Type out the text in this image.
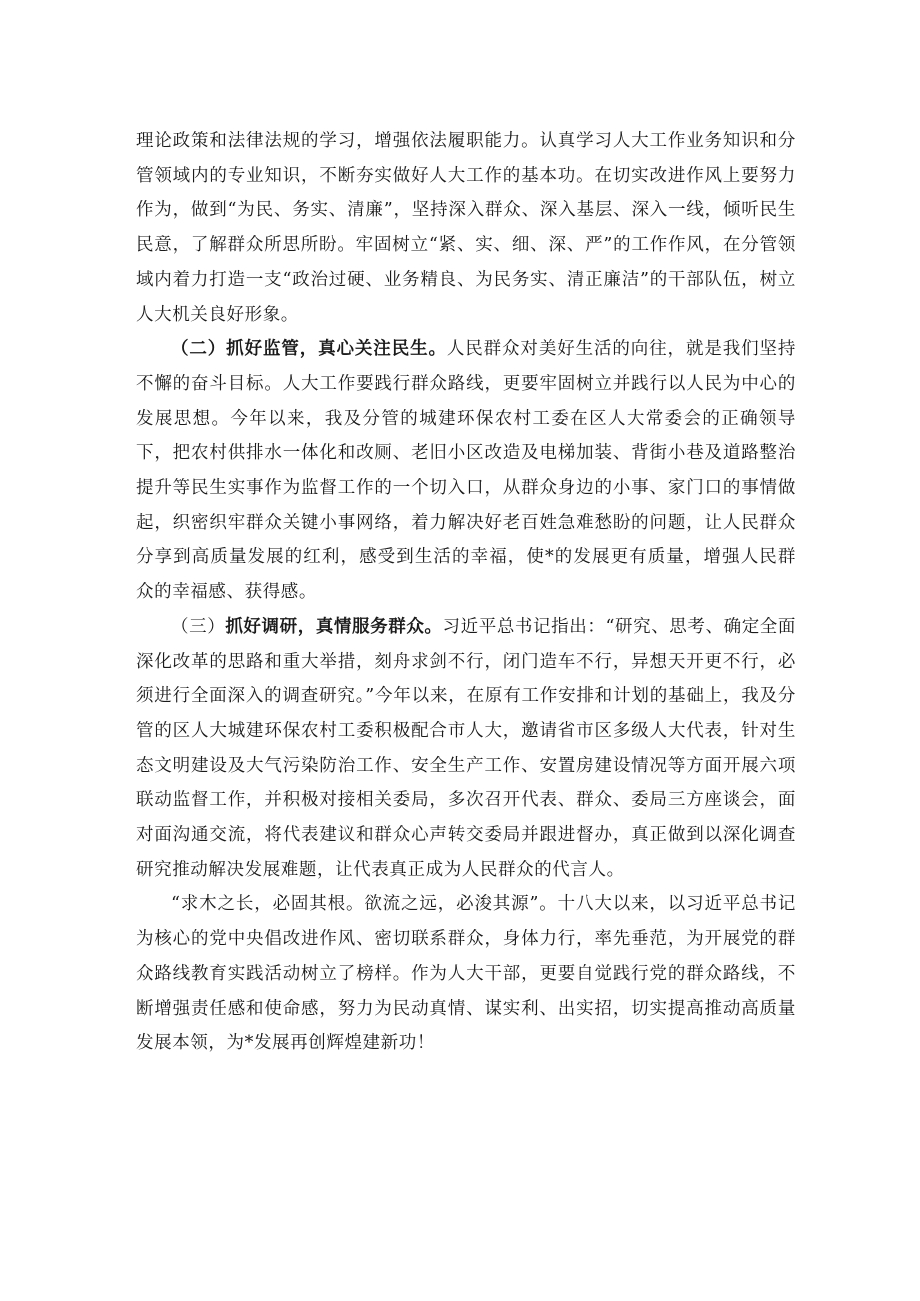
理论政策和法律法规的学习，增强依法履职能力。认真学习人大工作业务知识和分管领域内的专业知识，不断夯实做好人大工作的基本功。在切实改进作风上要努力作为，做到“为民、务实、清廉”，坚持深入群众、深入基层、深入一线，倾听民生民意，了解群众所思所盼。牢固树立“紧、实、细、深、严”的工作作风，在分管领域内着力打造一支“政治过硬、业务精良、为民务实、清正廉洁”的干部队伍，树立人大机关良好形象。

（二）抓好监管，真心关注民生。人民群众对美好生活的向往，就是我们坚持不懈的奋斗目标。人大工作要践行群众路线，更要牢固树立并践行以人民为中心的发展思想。今年以来，我及分管的城建环保农村工委在区人大常委会的正确领导下，把农村供排水一体化和改厕、老旧小区改造及电梯加装、背街小巷及道路整治提升等民生实事作为监督工作的一个切入口，从群众身边的小事、家门口的事情做起，织密织牢群众关键小事网络，着力解决好老百姓急难愁盼的问题，让人民群众分享到高质量发展的红利，感受到生活的幸福，使*的发展更有质量，增强人民群众的幸福感、获得感。

（三）抓好调研，真情服务群众。习近平总书记指出：“研究、思考、确定全面深化改革的思路和重大举措，刻舟求剑不行，闭门造车不行，异想天开更不行，必须进行全面深入的调查研究。”今年以来，在原有工作安排和计划的基础上，我及分管的区人大城建环保农村工委积极配合市人大，邀请省市区多级人大代表，针对生态文明建设及大气污染防治工作、安全生产工作、安置房建设情况等方面开展六项联动监督工作，并积极对接相关委局，多次召开代表、群众、委局三方座谈会，面对面沟通交流，将代表建议和群众心声转交委局并跟进督办，真正做到以深化调查研究推动解决发展难题，让代表真正成为人民群众的代言人。

“求木之长，必固其根。欲流之远，必浚其源”。十八大以来，以习近平总书记为核心的党中央倡改进作风、密切联系群众，身体力行，率先垂范，为开展党的群众路线教育实践活动树立了榜样。作为人大干部，更要自觉践行党的群众路线，不断增强责任感和使命感，努力为民动真情、谋实利、出实招，切实提高推动高质量发展本领，为*发展再创辉煌建新功！
